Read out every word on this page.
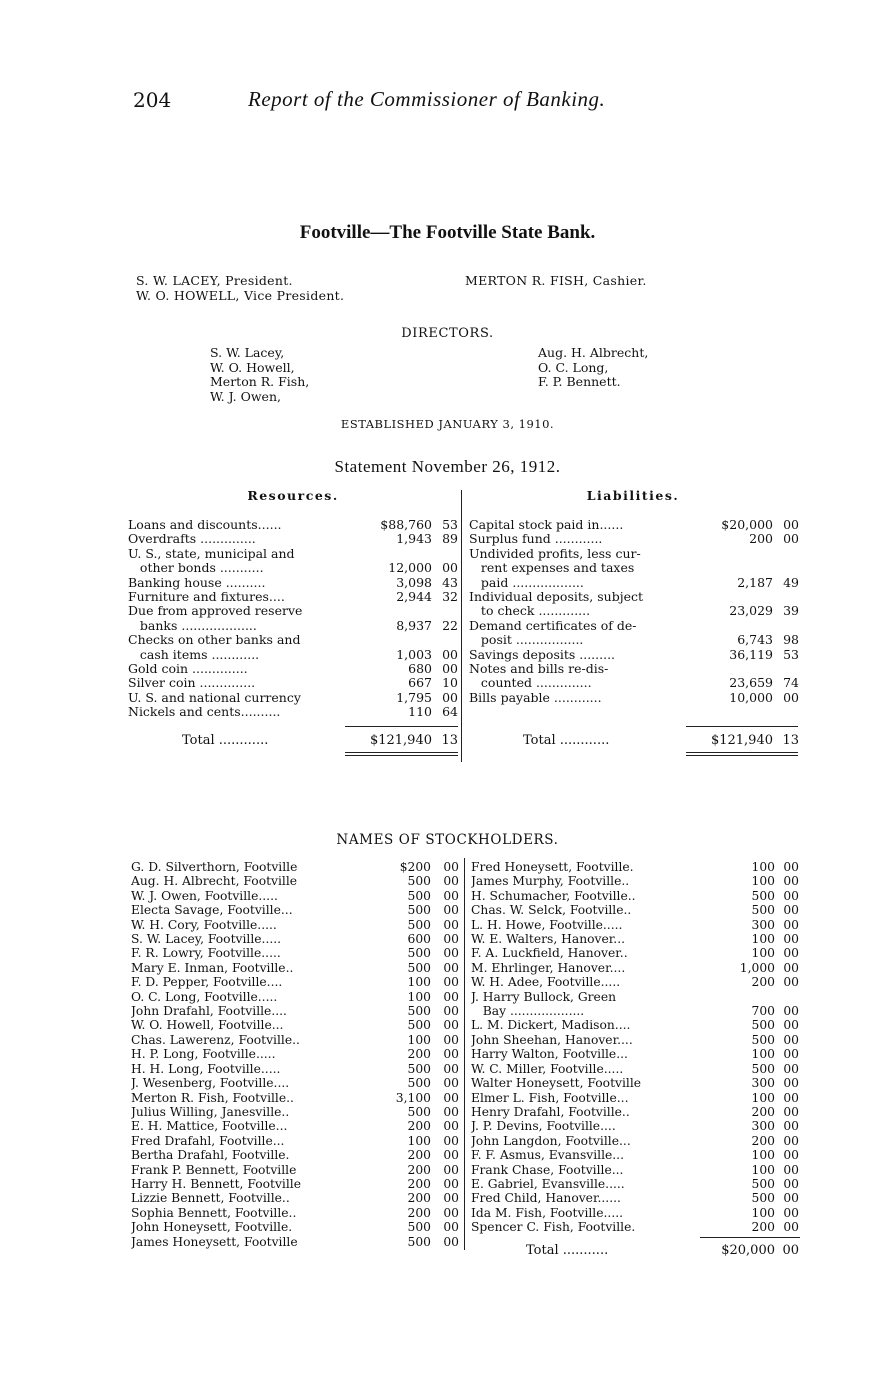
204	Report of the Commissioner of Banking.
Footville—The Footville State Bank.
S. W. LACEY, President.
W. O. HOWELL, Vice President.
MERTON R. FISH, Cashier.
DIRECTORS.
S. W. Lacey,
W. O. Howell,
Merton R. Fish,
W. J. Owen,
Aug. H. Albrecht,
O. C. Long,
F. P. Bennett.
ESTABLISHED JANUARY 3, 1910.
Statement November 26, 1912.
Resources.	Liabilities.
Loans and discounts......	$88,760 53
Overdrafts ..............	1,943 89
U. S., state, municipal and
other bonds ...........	12,000 00
Banking house ..........	3,098 43
Furniture and fixtures....	2,944 32
Due from approved reserve
banks ...................	8,937 22
Checks on other banks and
cash items ............	1,003 00
Gold coin ..............	680 00
Silver coin ..............	667 10
U. S. and national currency	1,795 00
Nickels and cents..........	110 64
Capital stock paid in......	$20,000 00
Surplus fund ............	200 00
Undivided profits, less cur-
rent expenses and taxes
paid ..................	2,187 49
Individual deposits, subject
to check .............	23,029 39
Demand certificates of de-
posit .................	6,743 98
Savings deposits .........	36,119 53
Notes and bills re-dis-
counted ..............	23,659 74
Bills payable ............	10,000 00
Total ............	$121,940 13	Total ............	$121,940 13
NAMES OF STOCKHOLDERS.
G. D. Silverthorn, Footville	$200	00
Aug. H. Albrecht, Footville	500	00
W. J. Owen, Footville.....	500	00
Electa Savage, Footville...	500	00
W. H. Cory, Footville.....	500	00
S. W. Lacey, Footville.....	600	00
F. R. Lowry, Footville.....	500	00
Mary E. Inman, Footville..	500	00
F. D. Pepper, Footville....	100	00
O. C. Long, Footville.....	100	00
John Drafahl, Footville....	500	00
W. O. Howell, Footville...	500	00
Chas. Lawerenz, Footville..	100	00
H. P. Long, Footville.....	200	00
H. H. Long, Footville.....	500	00
J. Wesenberg, Footville....	500	00
Merton R. Fish, Footville..	3,100	00
Julius Willing, Janesville..	500	00
E. H. Mattice, Footville...	200	00
Fred Drafahl, Footville...	100	00
Bertha Drafahl, Footville.	200	00
Frank P. Bennett, Footville	200	00
Harry H. Bennett, Footville	200	00
Lizzie Bennett, Footville..	200	00
Sophia Bennett, Footville..	200	00
John Honeysett, Footville.	500	00
James Honeysett, Footville	500	00
Fred Honeysett, Footville.	100 00
James Murphy, Footville..	100 00
H. Schumacher, Footville..	500 00
Chas. W. Selck, Footville..	500 00
L. H. Howe, Footville.....	300 00
W. E. Walters, Hanover...	100 00
F. A. Luckfield, Hanover..	100 00
M. Ehrlinger, Hanover....	1,000 00
W. H. Adee, Footville.....	200 00
J. Harry Bullock, Green
Bay ...................	700 00
L. M. Dickert, Madison....	500 00
John Sheehan, Hanover....	500 00
Harry Walton, Footville...	100 00
W. C. Miller, Footville.....	500 00
Walter Honeysett, Footville	300 00
Elmer L. Fish, Footville...	100 00
Henry Drafahl, Footville..	200 00
J. P. Devins, Footville....	300 00
John Langdon, Footville...	200 00
F. F. Asmus, Evansville...	100 00
Frank Chase, Footville...	100 00
E. Gabriel, Evansville.....	500 00
Fred Child, Hanover......	500 00
Ida M. Fish, Footville.....	100 00
Spencer C. Fish, Footville.	200 00
Total ...........	$20,000 00
